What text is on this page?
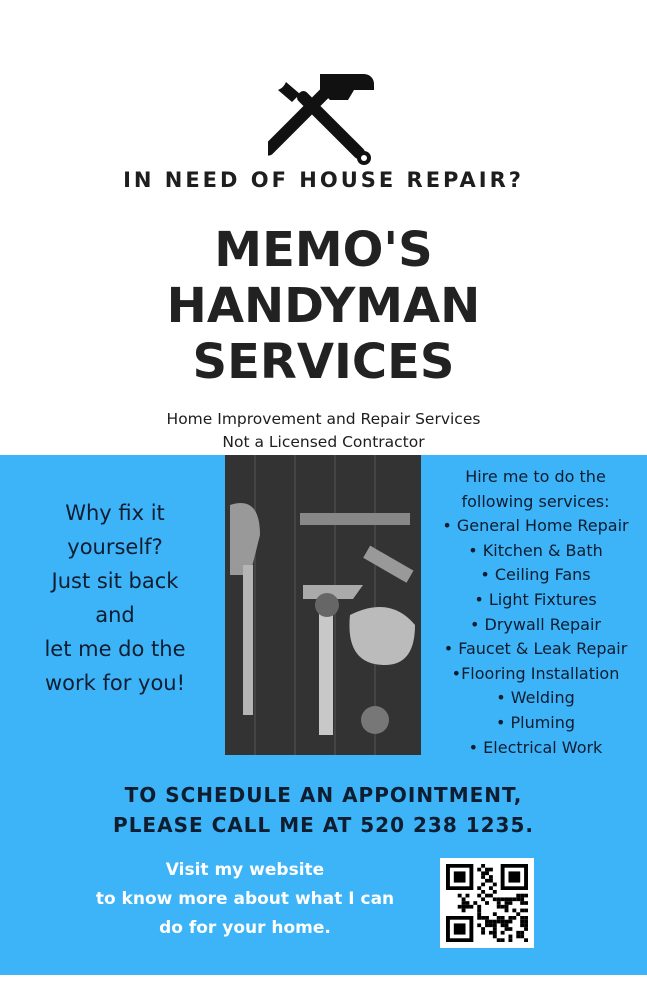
IN NEED OF HOUSE REPAIR?
MEMO'S
HANDYMAN
SERVICES
Home Improvement and Repair Services
Not a Licensed Contractor
Why fix it
yourself?
Just sit back
and
let me do the
work for you!
Hire me to do the
following services:
• General Home Repair
• Kitchen & Bath
• Ceiling Fans
• Light Fixtures
• Drywall Repair
• Faucet & Leak Repair
•Flooring Installation
• Welding
• Pluming
• Electrical Work
TO SCHEDULE AN APPOINTMENT,
PLEASE CALL ME AT 520 238 1235.
Visit my website
to know more about what I can
do for your home.
